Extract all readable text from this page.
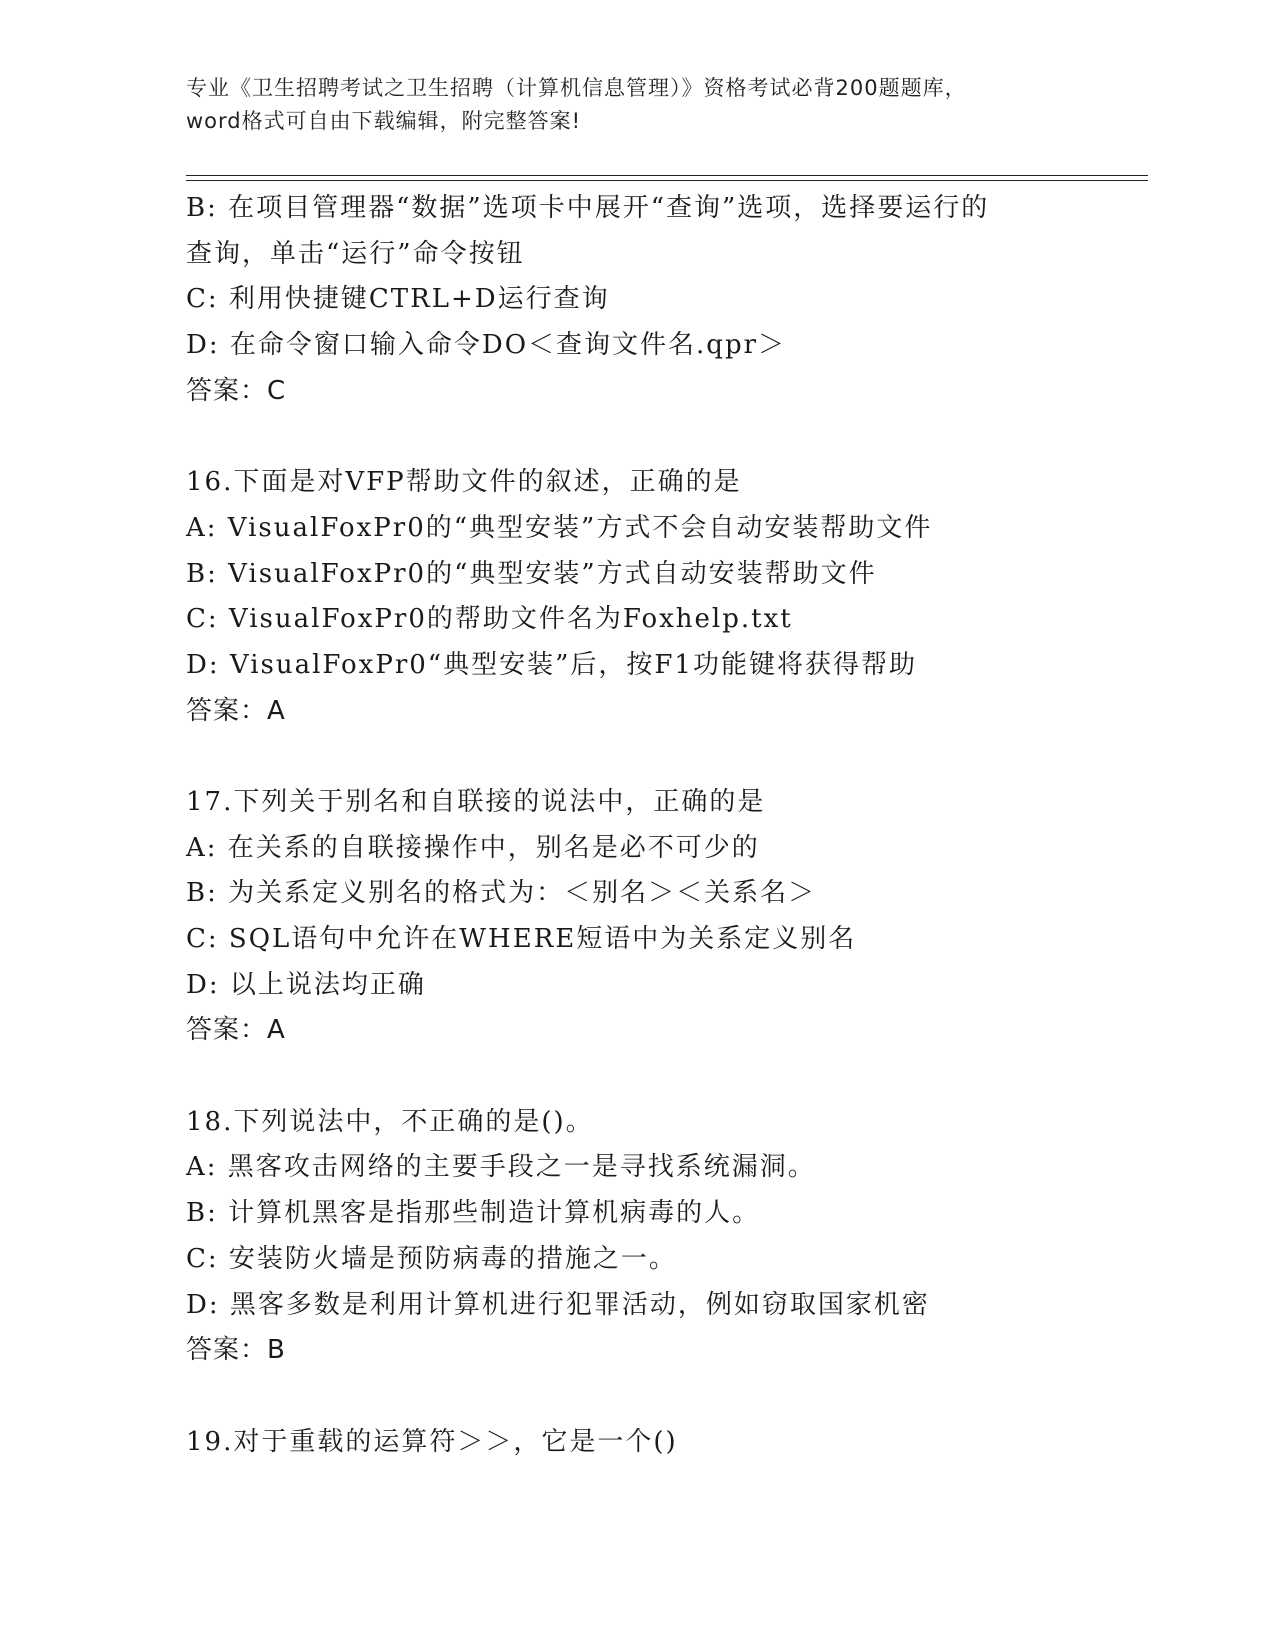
专业《卫生招聘考试之卫生招聘（计算机信息管理）》资格考试必背200题题库，
word格式可自由下载编辑，附完整答案!
B: 在项目管理器“数据”选项卡中展开“查询”选项，选择要运行的
查询，单击“运行”命令按钮
C: 利用快捷键CTRL+D运行查询
D: 在命令窗口输入命令DO＜查询文件名.qpr＞
答案：C
16.下面是对VFP帮助文件的叙述，正确的是
A: VisualFoxPr0的“典型安装”方式不会自动安装帮助文件
B: VisualFoxPr0的“典型安装”方式自动安装帮助文件
C: VisualFoxPr0的帮助文件名为Foxhelp.txt
D: VisualFoxPr0“典型安装”后，按F1功能键将获得帮助
答案：A
17.下列关于别名和自联接的说法中，正确的是
A: 在关系的自联接操作中，别名是必不可少的
B: 为关系定义别名的格式为：＜别名＞＜关系名＞
C: SQL语句中允许在WHERE短语中为关系定义别名
D: 以上说法均正确
答案：A
18.下列说法中，不正确的是()。
A: 黑客攻击网络的主要手段之一是寻找系统漏洞。
B: 计算机黑客是指那些制造计算机病毒的人。
C: 安装防火墙是预防病毒的措施之一。
D: 黑客多数是利用计算机进行犯罪活动，例如窃取国家机密
答案：B
19.对于重载的运算符＞＞，它是一个()
